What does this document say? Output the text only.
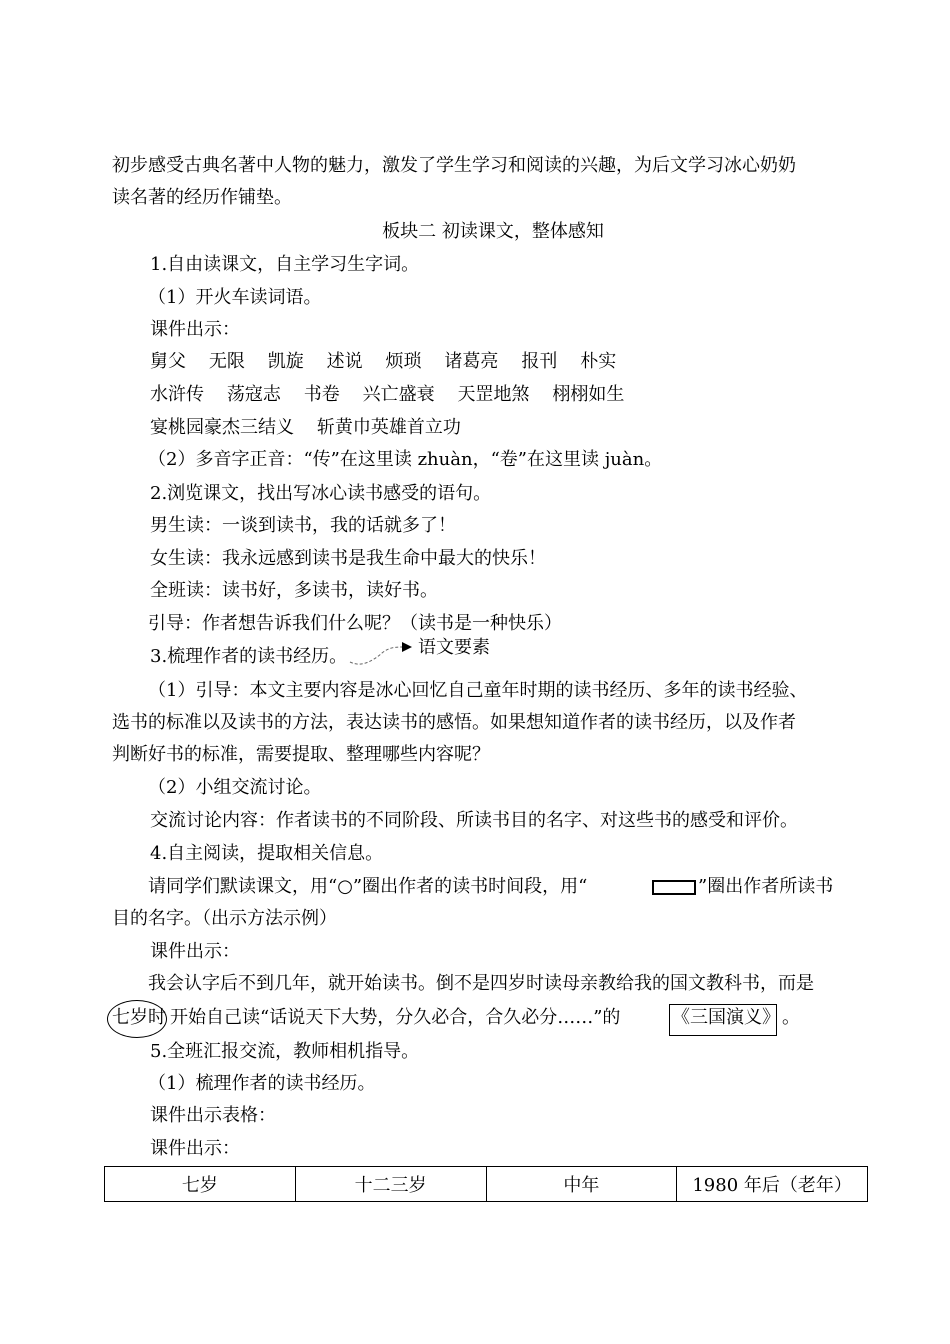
初步感受古典名著中人物的魅力，激发了学生学习和阅读的兴趣，为后文学习冰心奶奶
读名著的经历作铺垫。
板块二 初读课文，整体感知
1.自由读课文，自主学习生字词。
（1）开火车读词语。
课件出示：
舅父    无限    凯旋    述说    烦琐    诸葛亮    报刊    朴实
水浒传    荡寇志    书卷    兴亡盛衰    天罡地煞    栩栩如生
宴桃园豪杰三结义    斩黄巾英雄首立功
（2）多音字正音：“传”在这里读 zhuàn，“卷”在这里读 juàn。
2.浏览课文，找出写冰心读书感受的语句。
男生读：一谈到读书，我的话就多了！
女生读：我永远感到读书是我生命中最大的快乐！
全班读：读书好，多读书，读好书。
引导：作者想告诉我们什么呢？（读书是一种快乐）
3.梳理作者的读书经历。	语文要素
（1）引导：本文主要内容是冰心回忆自己童年时期的读书经历、多年的读书经验、
选书的标准以及读书的方法，表达读书的感悟。如果想知道作者的读书经历，以及作者
判断好书的标准，需要提取、整理哪些内容呢？
（2）小组交流讨论。
交流讨论内容：作者读书的不同阶段、所读书目的名字、对这些书的感受和评价。
4.自主阅读，提取相关信息。
请同学们默读课文，用“○”圈出作者的读书时间段，用“	”圈出作者所读书
目的名字。（出示方法示例）
课件出示：
我会认字后不到几年，就开始读书。倒不是四岁时读母亲教给我的国文教科书，而是
七岁时 开始自己读“话说天下大势，分久必合，合久必分……”的	《三国演义》 。
5.全班汇报交流，教师相机指导。
（1）梳理作者的读书经历。
课件出示表格：
课件出示：
七岁	十二三岁	中年	1980 年后（老年）
